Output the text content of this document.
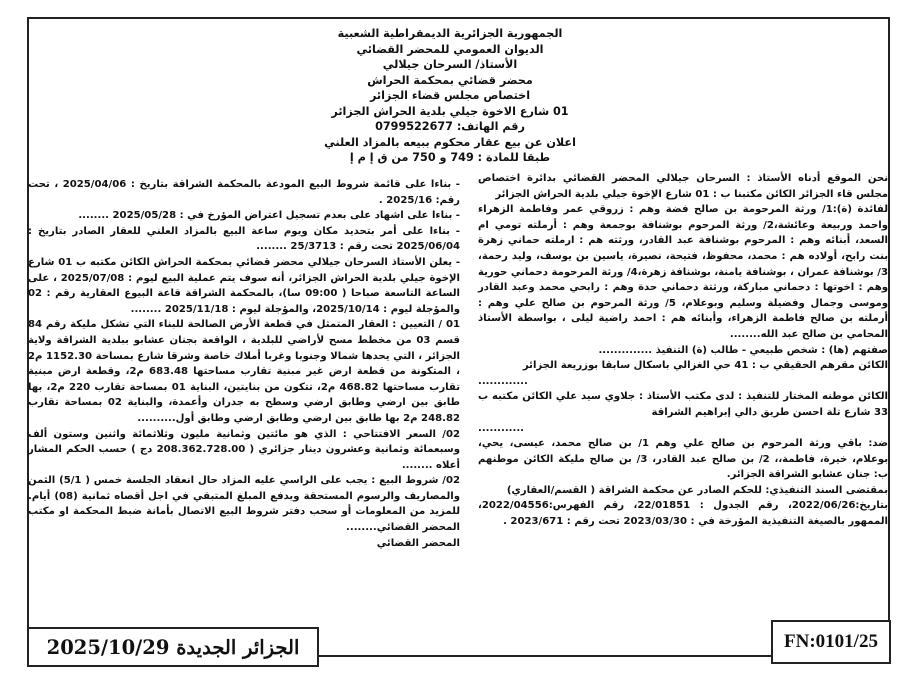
الجمهورية الجزائرية الديمقراطية الشعبية
الديوان العمومي للمحضر القضائي
الأستاذ/ السرحان جيلالي
محضر قضائي بمحكمة الحراش
اختصاص مجلس قضاء الجزائر
01 شارع الاخوة جيلي بلدية الحراش الجزائر
رقم الهاتف: 0799522677
اعلان عن بيع عقار محكوم ببيعه بالمزاد العلني
طبقا للمادة : 749 و 750 من ق إ م إ

نحن الموقع أدناه الأستاذ : السرحان جيلالي المحضر القضائي بدائرة اختصاص مجلس قاء الجزائر الكائن مكتبنا ب : 01 شارع الإخوة جيلي بلدية الحراش الجزائر

لفائدة (ة):1/ ورثة المرحومة بن صالح فضة وهم : زروقي عمر وفاطمة الزهراء واحمد وربيعة وعائشة،2/ ورثة المرحوم بوشنافة بوجمعة وهم : أرملته تومي ام السعد، أبنائه وهم : المرحوم بوشنافة عبد القادر، ورثته هم : ارملته حماني زهرة بنت رابح، أولاده هم : محمد، محفوظ، فتيحة، نصيرة، ياسين بن يوسف، وليد رحمة، 3/ بوشنافة عمران ، بوشنافة يامنة، بوشنافة زهرة،4/ ورثة المرحومة دحماني حورية وهم : اخوتها : دحماني مباركة، ورثتة دحماني حدة وهم : رابحي محمد وعبد القادر وموسى وجمال وفضيلة وسليم وبوعلام، 5/ ورثة المرحوم بن صالح علي وهم : أرملته بن صالح فاطمة الزهراء، وأبنائه هم : احمد راضية ليلى ، بواسطة الأستاذ المحامي بن صالح عبد الله........

صفتهم (ها) : شخص طبيعي - طالب (ة) التنفيذ ..............

الكائن مقرهم الحقيقي ب : 41 حي الغزالي باسكال سابقا بوزريعة الجزائر

.............

الكائن موطنه المختار للتنفيذ : لدى مكتب الأستاذ : جلاوي سيد علي الكائن مكتبه ب 33 شارع تلة احسن طريق دالي إبراهيم الشراقة

............

ضد: باقي ورثة المرحوم بن صالح علي وهم 1/ بن صالح محمد، عيسى، يحي، بوعلام، خيرة، فاطمة،، 2/ بن صالح عبد القادر، 3/ بن صالح مليكة الكائن موطنهم ب: جنان عشابو الشراقة الجزائر.

بمقتضى السند التنفيذي: للحكم الصادر عن محكمة الشراقة ( القسم/العقاري)

بتاريخ:2022/06/26، رقم الجدول : 22/01851، رقم الفهرس:2022/04556، الممهور بالصيغة التنفيذية المؤرخة في : 2023/03/30 تحت رقم : 2023/671 .

- بناءا على قائمة شروط البيع المودعة بالمحكمة الشراقة بتاريخ : 2025/04/06 ، تحت رقم: 2025/16 .

- بناءا على اشهاد على بعدم تسجيل اعتراض المؤرخ في : 2025/05/28 ........

- بناءا على أمر بتحديد مكان ويوم ساعة البيع بالمزاد العلني للعقار الصادر بتاريخ : 2025/06/04 تحت رقم : 25/3713 ........

- يعلن الأستاذ السرحان جيلالي محضر قضائي بمحكمة الحراش الكائن مكتبه ب 01 شارع الإخوة جيلي بلدية الحراش الجزائر، أنه سوف يتم عملية البيع ليوم : 2025/07/08 ، على الساعة التاسعة صباحا ( 09:00 سا)، بالمحكمة الشراقة قاعة البيوع العقارية رقم : 02 والمؤجلة ليوم : 2025/10/14، والمؤجلة ليوم : 2025/11/18 ........

01 / التعيين : العقار المتمثل في قطعة الأرض الصالحة للبناء التي تشكل مليكة رقم 84 قسم 03 من مخطط مسح لأراضي للبلدية ، الواقعة بجنان عشابو ببلدية الشراقة ولاية الجزائر ، التي يحدها شمالا وجنوبا وغربا أملاك خاصة وشرقا شارع بمساحة 1152.30 م2 ، المتكونة من قطعة ارض غير مبنية تقارب مساحتها 683.48 م2، وقطعة ارض مبنية تقارب مساحتها 468.82 م2، تتكون من بنايتين، البناية 01 بمساحة تقارب 220 م2، بها طابق بين ارضي وطابق ارضي وسطح به جدران وأعمدة، والبناية 02 بمساحة تقارب 248.82 م2 بها طابق بين ارضي وطابق ارضي وطابق أول..........

02/ السعر الافتتاحي : الذي هو مائتين وثمانية مليون وثلاثمائة واثنين وستون ألف وسبعمائة وثمانية وعشرون دينار جزائري ( 208.362.728.00 دج ) حسب الحكم المشار أعلاه ........

02/ شروط البيع : يجب على الراسي عليه المزاد حال انعقاد الجلسة خمس ( 5/1) الثمن والمصاريف والرسوم المستحقة ويدفع المبلغ المتبقي في اجل أقصاه ثمانية (08) أيام. للمزيد من المعلومات أو سحب دفتر شروط البيع الاتصال بأمانة ضبط المحكمة او مكتب المحضر القضائي........

المحضر القضائي

الجزائر الجديدة 2025/10/29	FN:0101/25
